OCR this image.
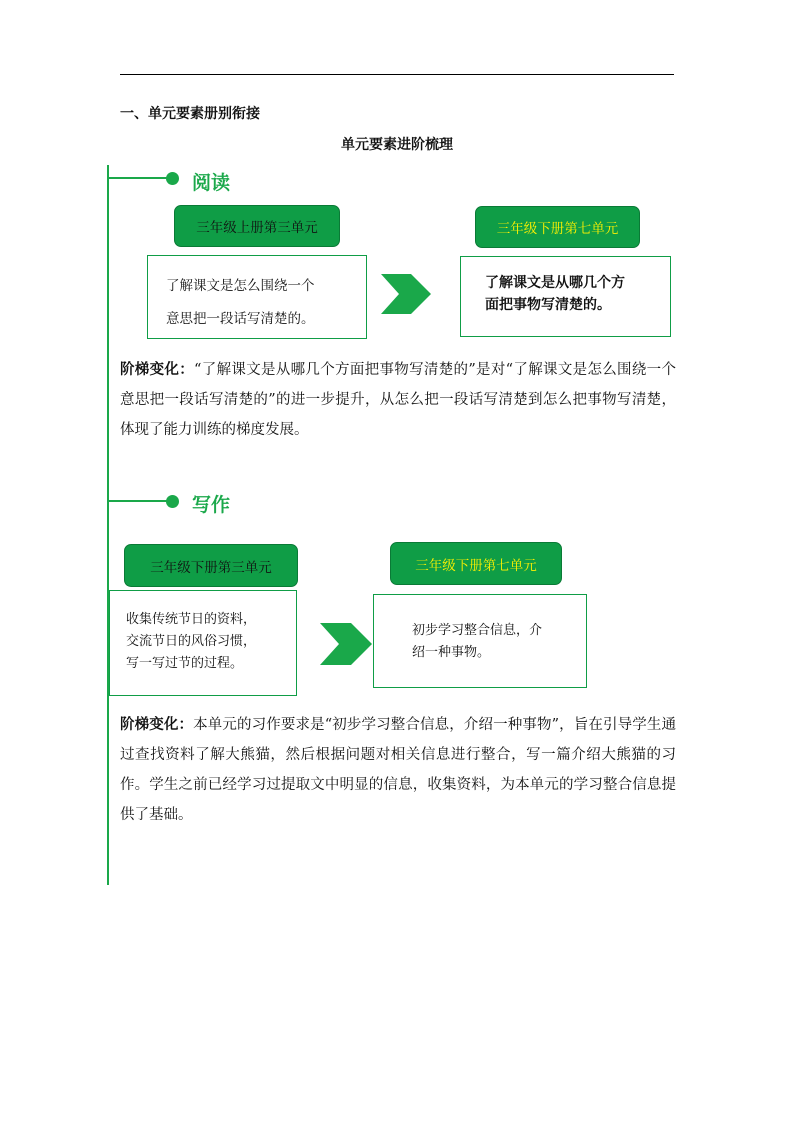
一、单元要素册别衔接
单元要素进阶梳理
阅读
三年级上册第三单元	三年级下册第七单元
了解课文是怎么围绕一个
意思把一段话写清楚的。
了解课文是从哪几个方
面把事物写清楚的。
阶梯变化：“了解课文是从哪几个方面把事物写清楚的”是对“了解课文是怎么围绕一个意思把一段话写清楚的”的进一步提升，从怎么把一段话写清楚到怎么把事物写清楚，体现了能力训练的梯度发展。
写作
三年级下册第三单元	三年级下册第七单元
收集传统节日的资料，
交流节日的风俗习惯，
写一写过节的过程。
初步学习整合信息，介
绍一种事物。
阶梯变化：本单元的习作要求是“初步学习整合信息，介绍一种事物”，旨在引导学生通过查找资料了解大熊猫，然后根据问题对相关信息进行整合，写一篇介绍大熊猫的习作。学生之前已经学习过提取文中明显的信息，收集资料，为本单元的学习整合信息提供了基础。
